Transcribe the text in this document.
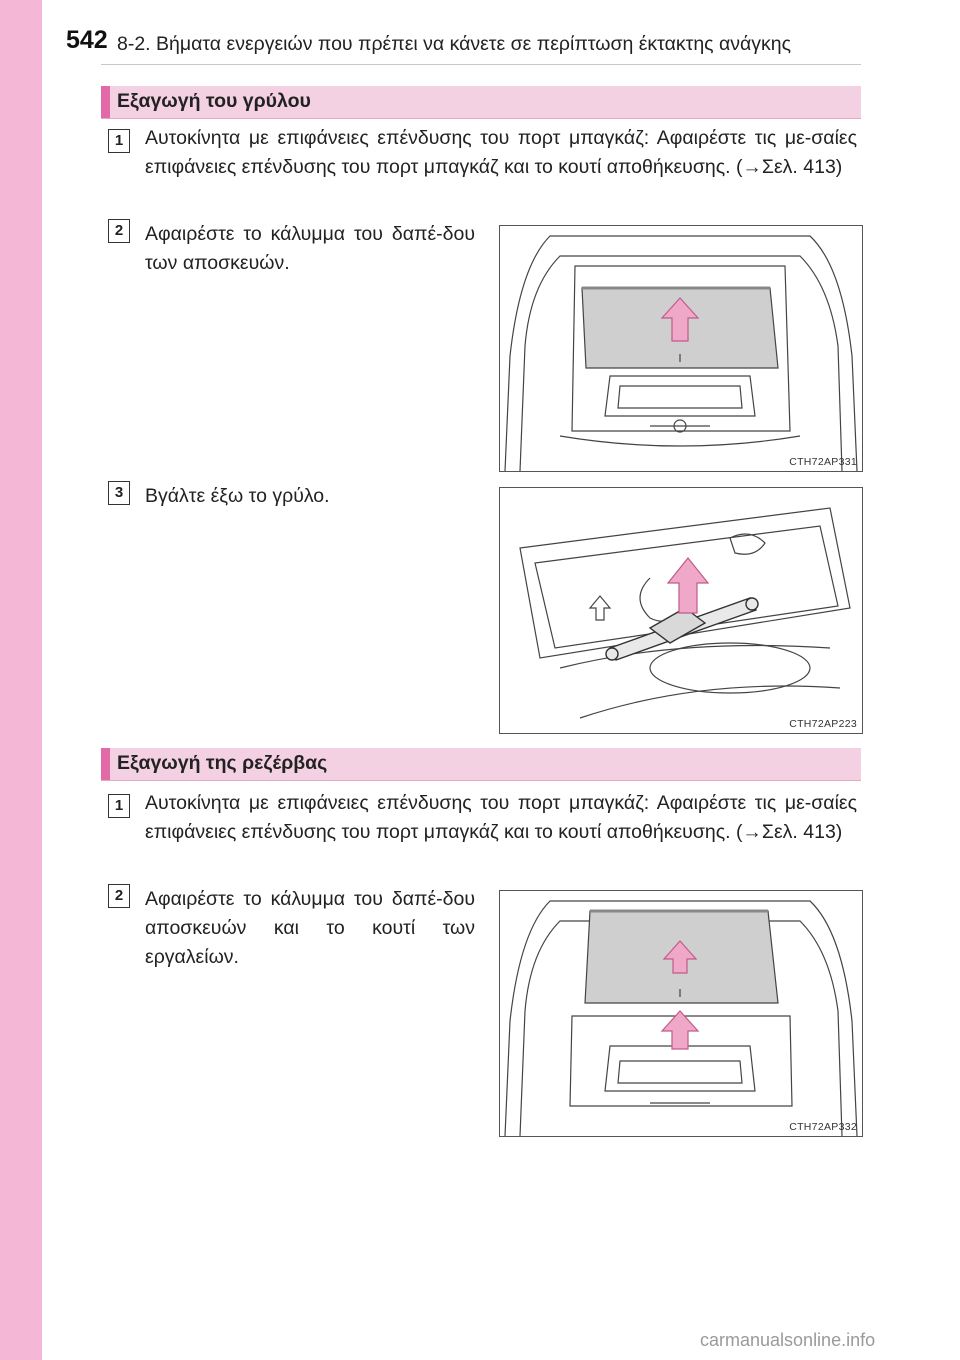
542 8-2. Βήματα ενεργειών που πρέπει να κάνετε σε περίπτωση έκτακτης ανάγκης
Εξαγωγή του γρύλου
1	Αυτοκίνητα με επιφάνειες επένδυσης του πορτ μπαγκάζ: Αφαιρέστε τις με-σαίες επιφάνειες επένδυσης του πορτ μπαγκάζ και το κουτί αποθήκευσης. (→Σελ. 413)
2	Αφαιρέστε το κάλυμμα του δαπέ-δου των αποσκευών.
CTH72AP331
3	Βγάλτε έξω το γρύλο.
CTH72AP223
Εξαγωγή της ρεζέρβας
1	Αυτοκίνητα με επιφάνειες επένδυσης του πορτ μπαγκάζ: Αφαιρέστε τις με-σαίες επιφάνειες επένδυσης του πορτ μπαγκάζ και το κουτί αποθήκευσης. (→Σελ. 413)
2	Αφαιρέστε το κάλυμμα του δαπέ-δου αποσκευών και το κουτί των εργαλείων.
CTH72AP332
carmanualsonline.info
